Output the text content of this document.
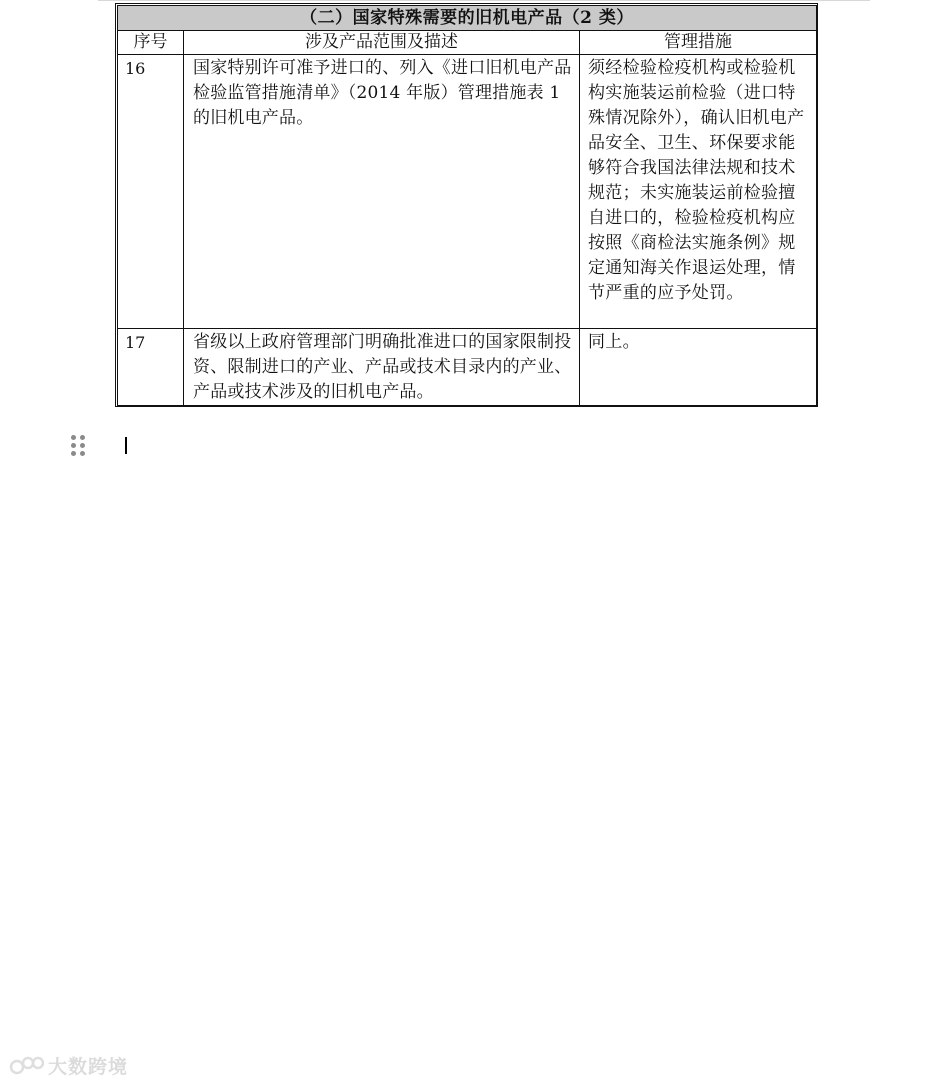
（二）国家特殊需要的旧机电产品（2 类）		
序号	涉及产品范围及描述	管理措施
16	国家特别许可准予进口的、列入《进口旧机电产品检验监管措施清单》（2014 年版）管理措施表 1 的旧机电产品。	须经检验检疫机构或检验机构实施装运前检验（进口特殊情况除外），确认旧机电产品安全、卫生、环保要求能够符合我国法律法规和技术规范；未实施装运前检验擅自进口的，检验检疫机构应按照《商检法实施条例》规定通知海关作退运处理，情节严重的应予处罚。
17	省级以上政府管理部门明确批准进口的国家限制投资、限制进口的产业、产品或技术目录内的产业、产品或技术涉及的旧机电产品。	同上。
大数跨境
